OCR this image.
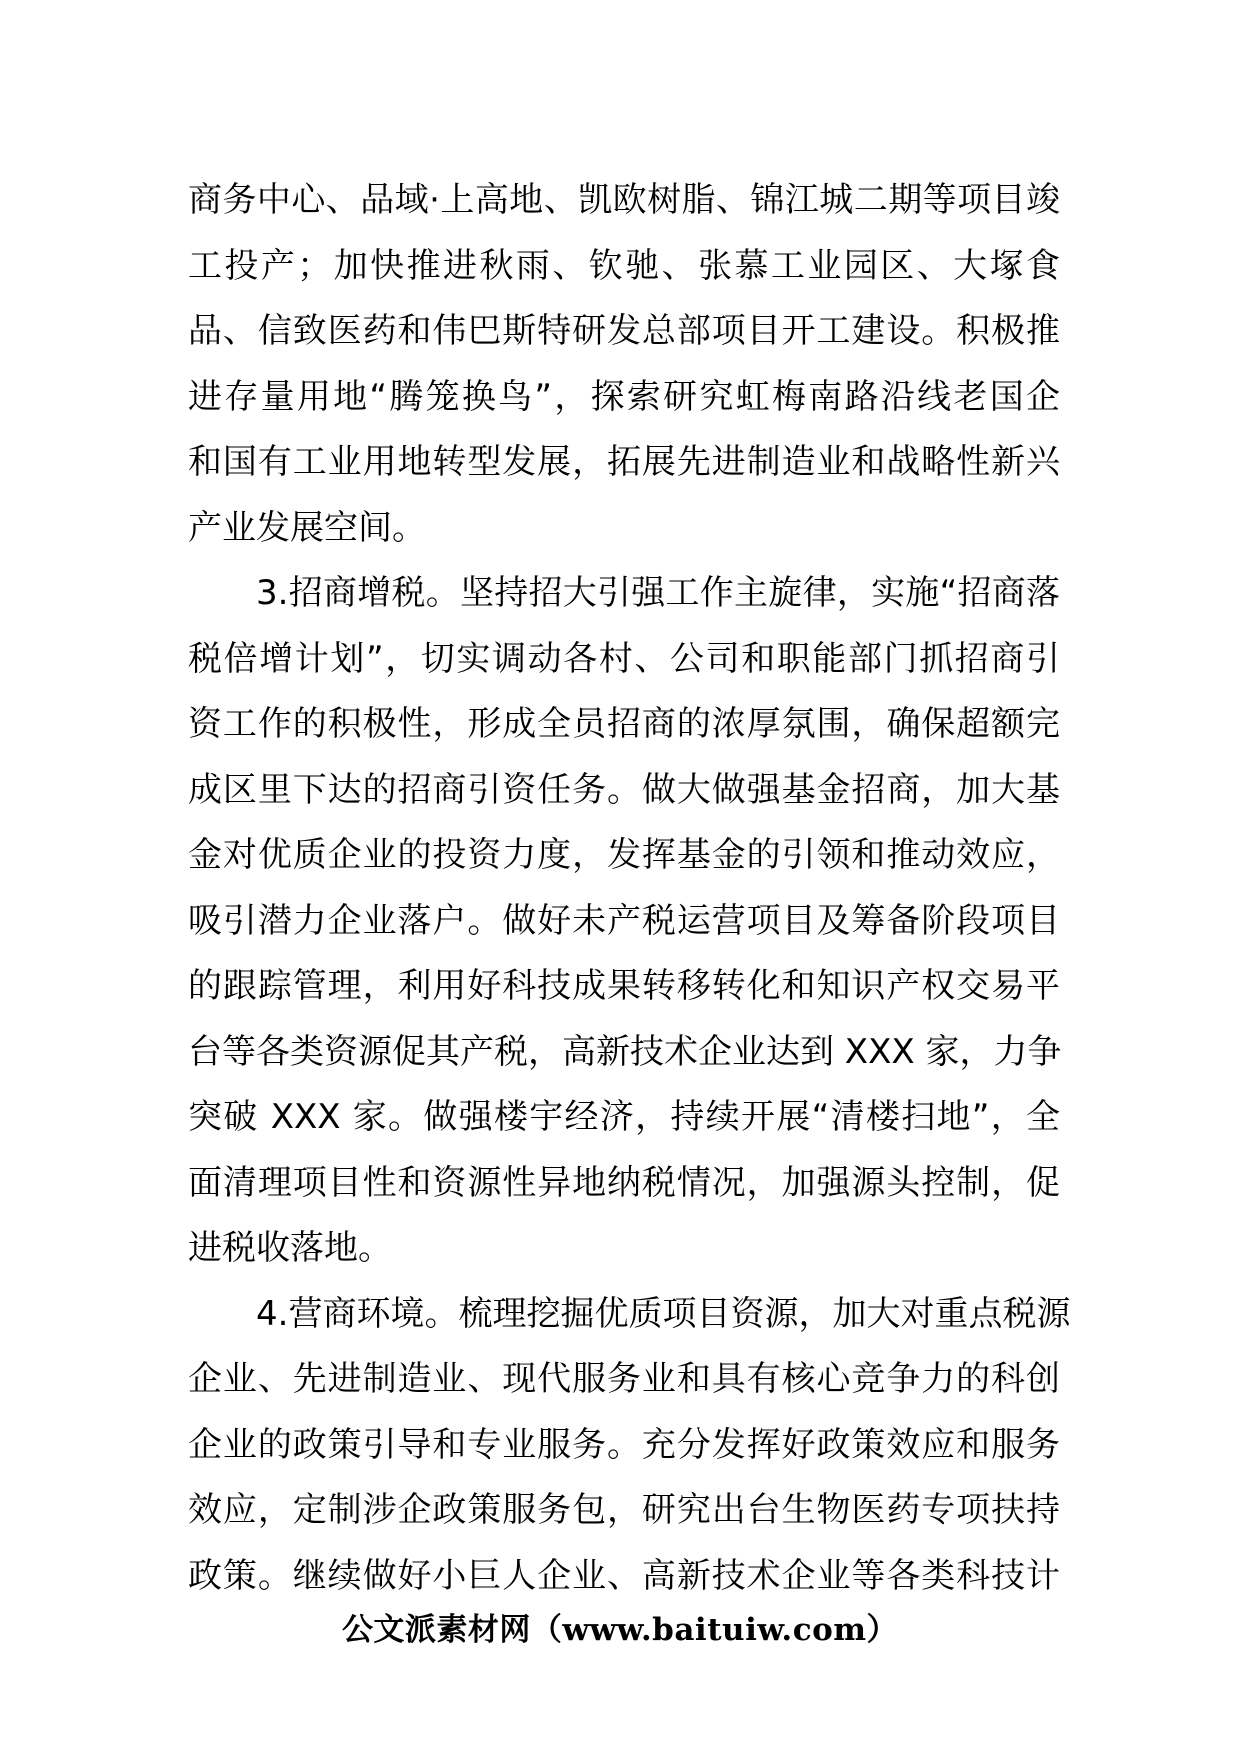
商务中心、品域·上高地、凯欧树脂、锦江城二期等项目竣
工投产；加快推进秋雨、钦驰、张慕工业园区、大塚食
品、信致医药和伟巴斯特研发总部项目开工建设。积极推
进存量用地“腾笼换鸟”，探索研究虹梅南路沿线老国企
和国有工业用地转型发展，拓展先进制造业和战略性新兴
产业发展空间。
3.招商增税。坚持招大引强工作主旋律，实施“招商落
税倍增计划”，切实调动各村、公司和职能部门抓招商引
资工作的积极性，形成全员招商的浓厚氛围，确保超额完
成区里下达的招商引资任务。做大做强基金招商，加大基
金对优质企业的投资力度，发挥基金的引领和推动效应，
吸引潜力企业落户。做好未产税运营项目及筹备阶段项目
的跟踪管理，利用好科技成果转移转化和知识产权交易平
台等各类资源促其产税，高新技术企业达到 XXX 家，力争
突破 XXX 家。做强楼宇经济，持续开展“清楼扫地”，全
面清理项目性和资源性异地纳税情况，加强源头控制，促
进税收落地。
4.营商环境。梳理挖掘优质项目资源，加大对重点税源
企业、先进制造业、现代服务业和具有核心竞争力的科创
企业的政策引导和专业服务。充分发挥好政策效应和服务
效应，定制涉企政策服务包，研究出台生物医药专项扶持
政策。继续做好小巨人企业、高新技术企业等各类科技计
公文派素材网（www.baituiw.com）
